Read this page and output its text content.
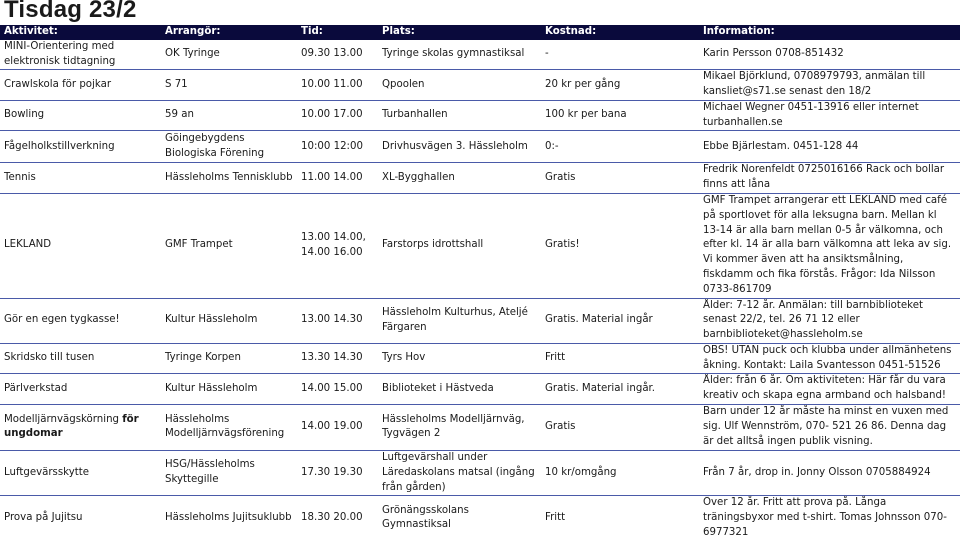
Tisdag 23/2
Aktivitet:	Arrangör:	Tid:	Plats:	Kostnad:	Information:
MINI-Orientering med elektronisk tidtagning	OK Tyringe	09.30 13.00	Tyringe skolas gymnastiksal	-	Karin Persson 0708-851432
Crawlskola för pojkar	S 71	10.00 11.00	Qpoolen	20 kr per gång	Mikael Björklund, 0708979793, anmälan till kansliet@s71.se senast den 18/2
Bowling	59 an	10.00 17.00	Turbanhallen	100 kr per bana	Michael Wegner 0451-13916 eller internet turbanhallen.se
Fågelholkstillverkning	Göingebygdens Biologiska Förening	10:00 12:00	Drivhusvägen 3. Hässleholm	0:-	Ebbe Bjärlestam. 0451-128 44
Tennis	Hässleholms Tennisklubb	11.00 14.00	XL-Bygghallen	Gratis	Fredrik Norenfeldt 0725016166 Rack och bollar finns att låna
LEKLAND	GMF Trampet	13.00 14.00, 14.00 16.00	Farstorps idrottshall	Gratis!	GMF Trampet arrangerar ett LEKLAND med café på sportlovet för alla leksugna barn. Mellan kl 13-14 är alla barn mellan 0-5 år välkomna, och efter kl. 14 är alla barn välkomna att leka av sig. Vi kommer även att ha ansiktsmålning, fiskdamm och fika förstås. Frågor: Ida Nilsson 0733-861709
Gör en egen tygkasse!	Kultur Hässleholm	13.00 14.30	Hässleholm Kulturhus, Ateljé Färgaren	Gratis. Material ingår	Ålder: 7-12 år. Anmälan: till barnbiblioteket senast 22/2, tel. 26 71 12 eller barnbiblioteket@hassleholm.se
Skridsko till tusen	Tyringe Korpen	13.30 14.30	Tyrs Hov	Fritt	OBS! UTAN puck och klubba under allmänhetens åkning. Kontakt: Laila Svantesson 0451-51526
Pärlverkstad	Kultur Hässleholm	14.00 15.00	Biblioteket i Hästveda	Gratis. Material ingår.	Ålder: från 6 år. Om aktiviteten: Här får du vara kreativ och skapa egna armband och halsband!
Modelljärnvägskörning för ungdomar	Hässleholms Modelljärnvägsförening	14.00 19.00	Hässleholms Modelljärnväg, Tygvägen 2	Gratis	Barn under 12 år måste ha minst en vuxen med sig. Ulf Wennström, 070- 521 26 86. Denna dag är det alltså ingen publik visning.
Luftgevärsskytte	HSG/Hässleholms Skyttegille	17.30 19.30	Luftgevärshall under Läredaskolans matsal (ingång från gården)	10 kr/omgång	Från 7 år, drop in. Jonny Olsson 0705884924
Prova på Jujitsu	Hässleholms Jujitsuklubb	18.30 20.00	Grönängsskolans Gymnastiksal	Fritt	Över 12 år. Fritt att prova på. Långa träningsbyxor med t-shirt. Tomas Johnsson 070-6977321
